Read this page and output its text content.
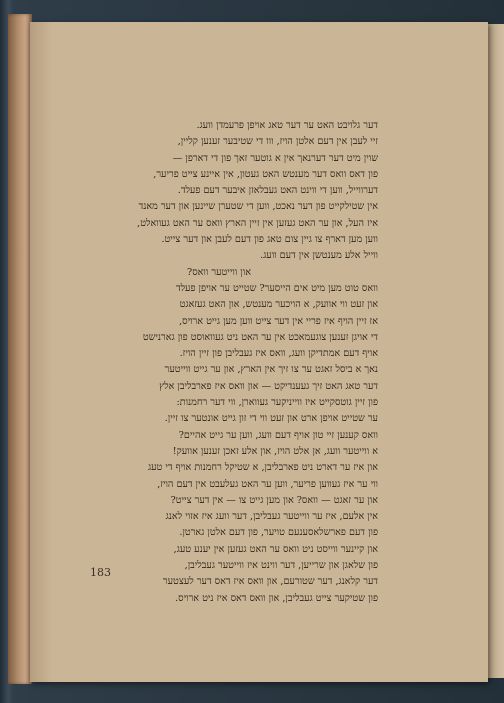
דער גלויבט האט ער דער טאג אויפן פרעמדן וועג.
זיי לעבן אין דעם אלטן הויז, ווו די שטיבער זענען קליין,
שוין מיט דער דערנאך אין א גוטער זאך פון די דארפן —
פון דאס וואס דער מענטש האט געטון, אין איינע צייט פריער,
דערווייל, ווען די ווינט האט געבלאזן איבער דעם פעלד.
אין שטילקייט פון דער נאכט, ווען די שטערן שיינען און דער מאנד
איז העל, און ער האט געזען אין זיין הארץ וואס ער האט געוואלט,
ווען מען דארף צו גיין צום טאג פון דעם לעבן און דער צייט.
ווייל אלע מענטשן אין דעם וועג.
און ווייטער וואס?
וואס טוט מען מיט אים הייסער? שטייט ער אויפן פעלד
און זעט ווי אוועק, א הויכער מענטש, און האט געזאגט
אז זיין הויף איז פריי אין דער צייט ווען מען גייט ארויס,
די אויגן זענען צוגעמאכט אין ער האט ניט געוואוסט פון גארנישט
אויף דעם אמתדיקן וועג, וואס איז געבליבן פון זיין הויז.
נאך א ביסל זאגט ער צו זיך אין הארץ, און ער גייט ווייטער
דער טאג האט זיך געענדיקט — און וואס איז פארבליבן אלץ
פון זיין גוטסקייט איז ווייניקער געווארן, ווי דער רחמנות:
ער שטייט אויפן ארט און זעט ווי די זון גייט אונטער צו זיין.
וואס קענען זיי טון אויף דעם וועג, ווען ער גייט אהיים?
א ווייטער וועג, אן אלט הויז, און אלע זאכן זענען אוועק!
און איז ער דארט ניט פארבליבן, א שטיקל רחמנות אויף די טעג
ווי ער איז געווען פריער, ווען ער האט געלעבט אין דעם הויז,
און ער זאגט — וואס? און מען גייט צו — אין דער צייט?
אין אלעם, איז ער ווייטער געבליבן, דער וועג איז אזוי לאנג
פון דעם פארשלאסענעם טויער, פון דעם אלטן גארטן.
און קיינער ווייסט ניט וואס ער האט געזען אין יענע טעג,
פון שלאגן און שרייען, דער ווינט איז ווייטער געבליבן,
דער קלאנג, דער שטורעם, און וואס איז דאס דער לעצטער
פון שטיקער צייט געבליבן, און וואס דאס איז ניט ארויס.
183
